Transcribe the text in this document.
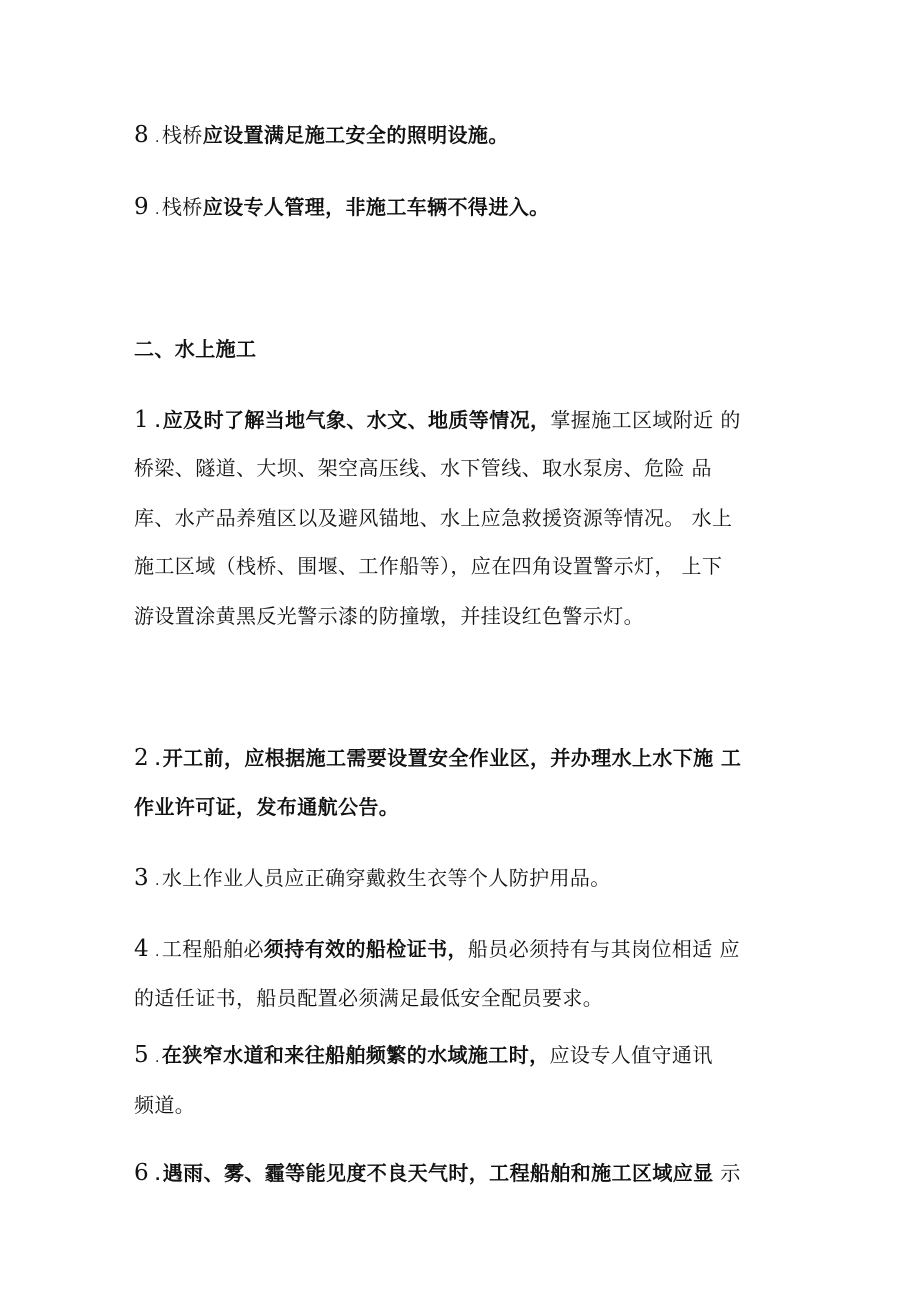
8 . 栈桥应设置满足施工安全的照明设施。
9 . 栈桥应设专人管理，非施工车辆不得进入。
二、水上施工
1 . 应及时了解当地气象、水文、地质等情况，掌握施工区域附近 的
桥梁、隧道、大坝、架空高压线、水下管线、取水泵房、危险 品
库、水产品养殖区以及避风锚地、水上应急救援资源等情况。 水上
施工区域（栈桥、围堰、工作船等），应在四角设置警示灯， 上下
游设置涂黄黑反光警示漆的防撞墩，并挂设红色警示灯。
2 . 开工前，应根据施工需要设置安全作业区，并办理水上水下施 工
作业许可证，发布通航公告。
3 . 水上作业人员应正确穿戴救生衣等个人防护用品。
4 . 工程船舶必须持有效的船检证书，船员必须持有与其岗位相适 应
的适任证书，船员配置必须满足最低安全配员要求。
5 . 在狭窄水道和来往船舶频繁的水域施工时，应设专人值守通讯
频道。
6 . 遇雨、雾、霾等能见度不良天气时，工程船舶和施工区域应显 示
